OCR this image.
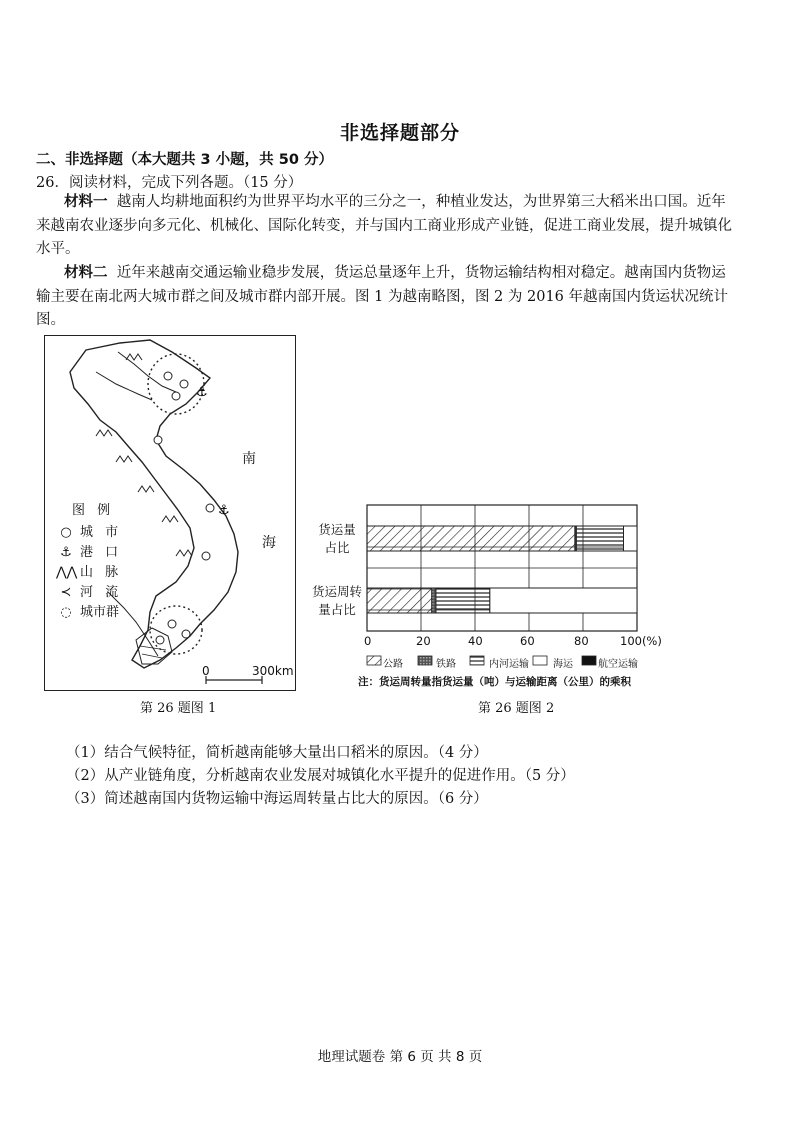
非选择题部分
二、非选择题（本大题共 3 小题，共 50 分）
26．阅读材料，完成下列各题。（15 分）
材料一 越南人均耕地面积约为世界平均水平的三分之一，种植业发达，为世界第三大稻米出口国。近年来越南农业逐步向多元化、机械化、国际化转变，并与国内工商业形成产业链，促进工商业发展，提升城镇化水平。
材料二 近年来越南交通运输业稳步发展，货运总量逐年上升，货物运输结构相对稳定。越南国内货物运输主要在南北两大城市群之间及城市群内部开展。图 1 为越南略图，图 2 为 2016 年越南国内货运状况统计图。
⚓
⚓
图 例
○ 城 市
⚓ 港 口
⋀⋀ 山 脉
≺ 河 流
◌ 城市群
南
海
0	300km
第 26 题图 1
货运量
占比
货运周转
量占比
0	20	40	60	80	100(%)
公路	铁路	内河运输 海运	航空运输
注：货运周转量指货运量（吨）与运输距离（公里）的乘积
第 26 题图 2
（1）结合气候特征，简析越南能够大量出口稻米的原因。（4 分）
（2）从产业链角度，分析越南农业发展对城镇化水平提升的促进作用。（5 分）
（3）简述越南国内货物运输中海运周转量占比大的原因。（6 分）
地理试题卷 第 6 页 共 8 页
